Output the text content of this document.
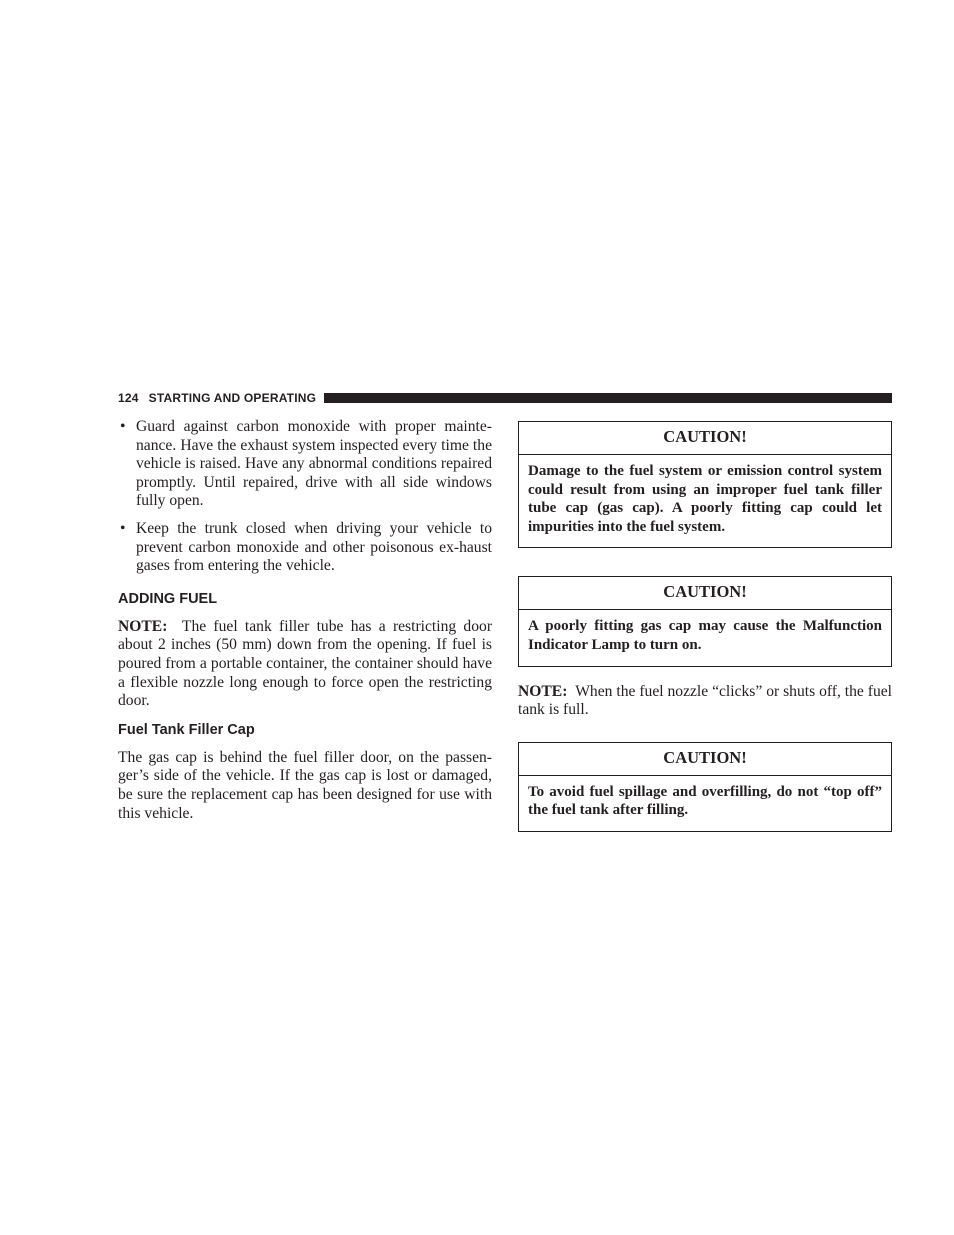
124 STARTING AND OPERATING
• Guard against carbon monoxide with proper mainte-nance. Have the exhaust system inspected every time the vehicle is raised. Have any abnormal conditions repaired promptly. Until repaired, drive with all side windows fully open.
• Keep the trunk closed when driving your vehicle to prevent carbon monoxide and other poisonous ex-haust gases from entering the vehicle.
ADDING FUEL

NOTE: The fuel tank filler tube has a restricting door about 2 inches (50 mm) down from the opening. If fuel is poured from a portable container, the container should have a flexible nozzle long enough to force open the restricting door.

Fuel Tank Filler Cap

The gas cap is behind the fuel filler door, on the passen-ger’s side of the vehicle. If the gas cap is lost or damaged, be sure the replacement cap has been designed for use with this vehicle.

CAUTION!
Damage to the fuel system or emission control system could result from using an improper fuel tank filler tube cap (gas cap). A poorly fitting cap could let impurities into the fuel system.
CAUTION!
A poorly fitting gas cap may cause the Malfunction Indicator Lamp to turn on.

NOTE: When the fuel nozzle “clicks” or shuts off, the fuel tank is full.

CAUTION!
To avoid fuel spillage and overfilling, do not “top off” the fuel tank after filling.
